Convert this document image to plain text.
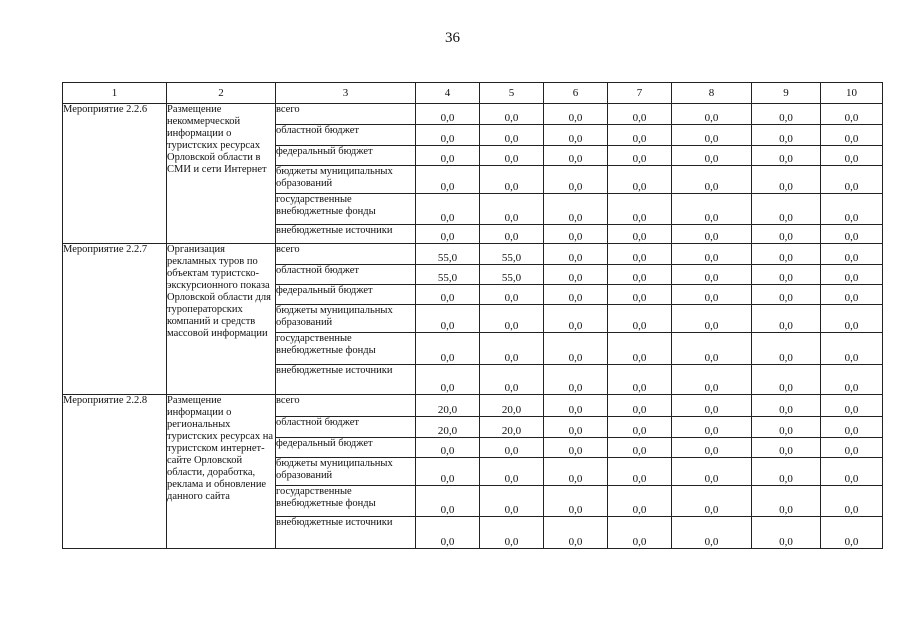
36
1	2	3	4	5	6	7	8	9	10
Мероприятие 2.2.6	Размещение некоммерческой информации о туристских ресурсах Орловской области в СМИ и сети Интернет	всего	0,0	0,0	0,0	0,0	0,0	0,0	0,0
		областной бюджет	0,0	0,0	0,0	0,0	0,0	0,0	0,0
		федеральный бюджет	0,0	0,0	0,0	0,0	0,0	0,0	0,0
		бюджеты муниципальных образований	0,0	0,0	0,0	0,0	0,0	0,0	0,0
		государственные внебюджетные фонды	0,0	0,0	0,0	0,0	0,0	0,0	0,0
		внебюджетные источники	0,0	0,0	0,0	0,0	0,0	0,0	0,0
Мероприятие 2.2.7	Организация рекламных туров по объектам туристско-экскурсионного показа Орловской области для туроператорских компаний и средств массовой информации	всего	55,0	55,0	0,0	0,0	0,0	0,0	0,0
		областной бюджет	55,0	55,0	0,0	0,0	0,0	0,0	0,0
		федеральный бюджет	0,0	0,0	0,0	0,0	0,0	0,0	0,0
		бюджеты муниципальных образований	0,0	0,0	0,0	0,0	0,0	0,0	0,0
		государственные внебюджетные фонды	0,0	0,0	0,0	0,0	0,0	0,0	0,0
		внебюджетные источники	0,0	0,0	0,0	0,0	0,0	0,0	0,0
Мероприятие 2.2.8	Размещение информации о региональных туристских ресурсах на туристском интернет-сайте Орловской области, доработка, реклама и обновление данного сайта	всего	20,0	20,0	0,0	0,0	0,0	0,0	0,0
		областной бюджет	20,0	20,0	0,0	0,0	0,0	0,0	0,0
		федеральный бюджет	0,0	0,0	0,0	0,0	0,0	0,0	0,0
		бюджеты муниципальных образований	0,0	0,0	0,0	0,0	0,0	0,0	0,0
		государственные внебюджетные фонды	0,0	0,0	0,0	0,0	0,0	0,0	0,0
		внебюджетные источники	0,0	0,0	0,0	0,0	0,0	0,0	0,0
